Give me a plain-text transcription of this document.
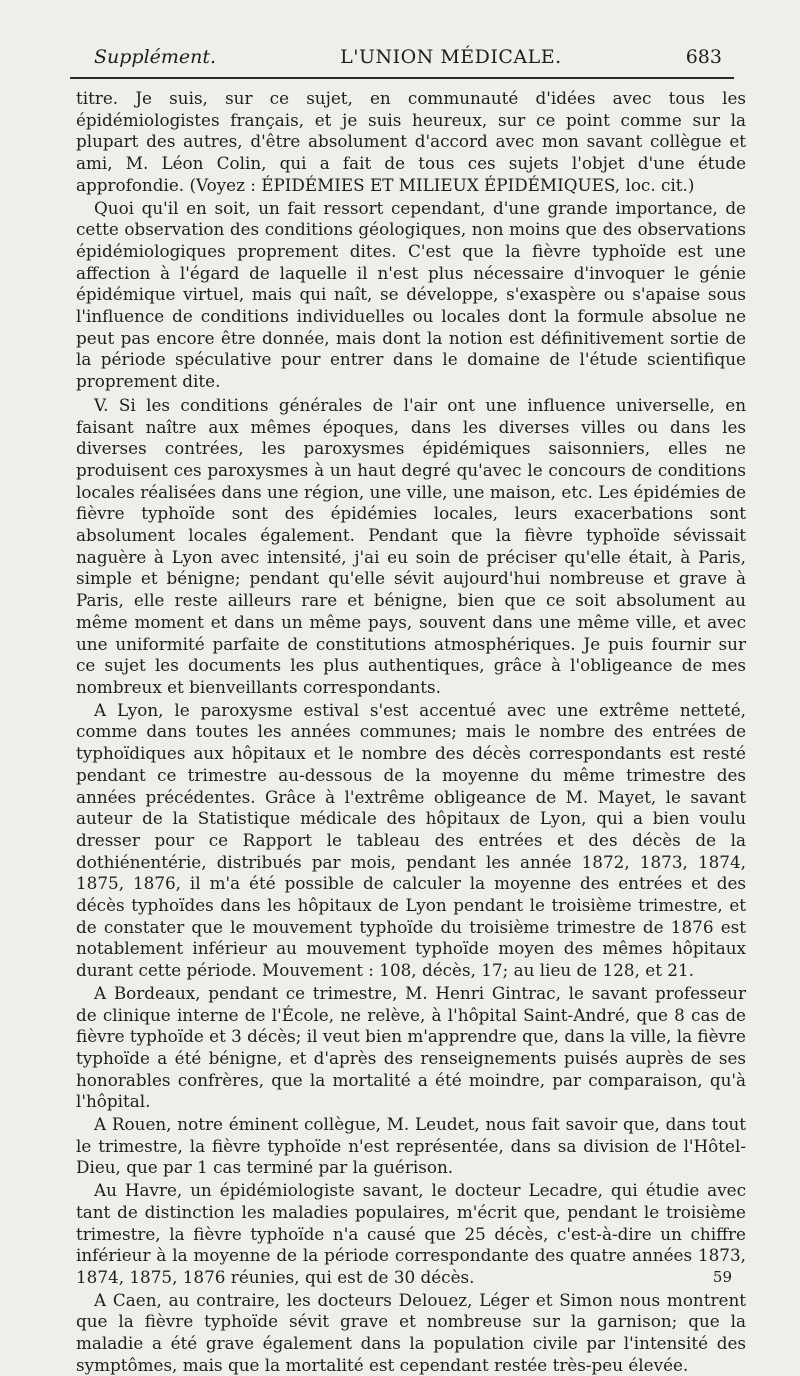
Supplément.	L'UNION MÉDICALE.	683

titre. Je suis, sur ce sujet, en communauté d'idées avec tous les épidémiologistes français, et je suis heureux, sur ce point comme sur la plupart des autres, d'être absolument d'accord avec mon savant collègue et ami, M. Léon Colin, qui a fait de tous ces sujets l'objet d'une étude approfondie. (Voyez : ÉPIDÉMIES ET MILIEUX ÉPIDÉMIQUES, loc. cit.)

Quoi qu'il en soit, un fait ressort cependant, d'une grande importance, de cette observation des conditions géologiques, non moins que des observations épidémiologiques proprement dites. C'est que la fièvre typhoïde est une affection à l'égard de laquelle il n'est plus nécessaire d'invoquer le génie épidémique virtuel, mais qui naît, se développe, s'exaspère ou s'apaise sous l'influence de conditions individuelles ou locales dont la formule absolue ne peut pas encore être donnée, mais dont la notion est définitivement sortie de la période spéculative pour entrer dans le domaine de l'étude scientifique proprement dite.

V. Si les conditions générales de l'air ont une influence universelle, en faisant naître aux mêmes époques, dans les diverses villes ou dans les diverses contrées, les paroxysmes épidémiques saisonniers, elles ne produisent ces paroxysmes à un haut degré qu'avec le concours de conditions locales réalisées dans une région, une ville, une maison, etc. Les épidémies de fièvre typhoïde sont des épidémies locales, leurs exacerbations sont absolument locales également. Pendant que la fièvre typhoïde sévissait naguère à Lyon avec intensité, j'ai eu soin de préciser qu'elle était, à Paris, simple et bénigne; pendant qu'elle sévit aujourd'hui nombreuse et grave à Paris, elle reste ailleurs rare et bénigne, bien que ce soit absolument au même moment et dans un même pays, souvent dans une même ville, et avec une uniformité parfaite de constitutions atmosphériques. Je puis fournir sur ce sujet les documents les plus authentiques, grâce à l'obligeance de mes nombreux et bienveillants correspondants.

A Lyon, le paroxysme estival s'est accentué avec une extrême netteté, comme dans toutes les années communes; mais le nombre des entrées de typhoïdiques aux hôpitaux et le nombre des décès correspondants est resté pendant ce trimestre au-dessous de la moyenne du même trimestre des années précédentes. Grâce à l'extrême obligeance de M. Mayet, le savant auteur de la Statistique médicale des hôpitaux de Lyon, qui a bien voulu dresser pour ce Rapport le tableau des entrées et des décès de la dothiénentérie, distribués par mois, pendant les année 1872, 1873, 1874, 1875, 1876, il m'a été possible de calculer la moyenne des entrées et des décès typhoïdes dans les hôpitaux de Lyon pendant le troisième trimestre, et de constater que le mouvement typhoïde du troisième trimestre de 1876 est notablement inférieur au mouvement typhoïde moyen des mêmes hôpitaux durant cette période. Mouvement : 108, décès, 17; au lieu de 128, et 21.

A Bordeaux, pendant ce trimestre, M. Henri Gintrac, le savant professeur de clinique interne de l'École, ne relève, à l'hôpital Saint-André, que 8 cas de fièvre typhoïde et 3 décès; il veut bien m'apprendre que, dans la ville, la fièvre typhoïde a été bénigne, et d'après des renseignements puisés auprès de ses honorables confrères, que la mortalité a été moindre, par comparaison, qu'à l'hôpital.

A Rouen, notre éminent collègue, M. Leudet, nous fait savoir que, dans tout le trimestre, la fièvre typhoïde n'est représentée, dans sa division de l'Hôtel-Dieu, que par 1 cas terminé par la guérison.

Au Havre, un épidémiologiste savant, le docteur Lecadre, qui étudie avec tant de distinction les maladies populaires, m'écrit que, pendant le troisième trimestre, la fièvre typhoïde n'a causé que 25 décès, c'est-à-dire un chiffre inférieur à la moyenne de la période correspondante des quatre années 1873, 1874, 1875, 1876 réunies, qui est de 30 décès.

A Caen, au contraire, les docteurs Delouez, Léger et Simon nous montrent que la fièvre typhoïde sévit grave et nombreuse sur la garnison; que la maladie a été grave également dans la population civile par l'intensité des symptômes, mais que la mortalité est cependant restée très-peu élevée.

59
